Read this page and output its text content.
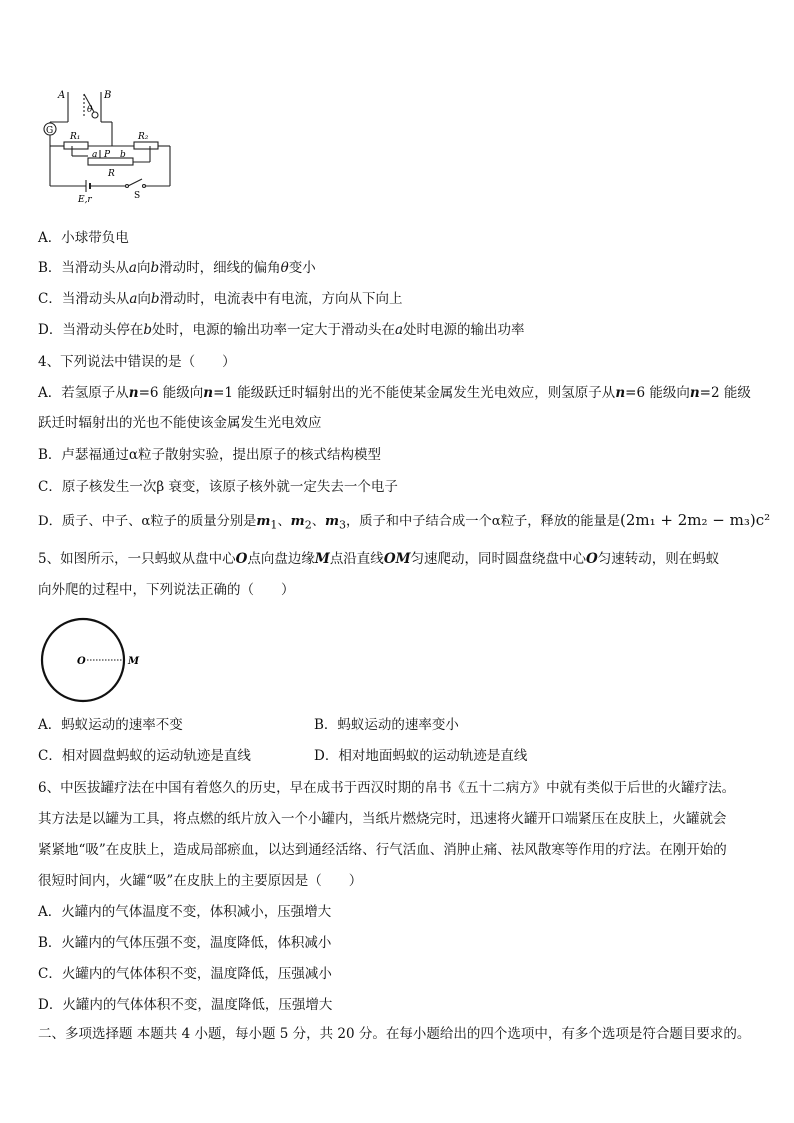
A	B
θ
G
R₁	R₂
a P b
R
E,r	S
A．小球带负电
B．当滑动头从a向b滑动时，细线的偏角θ变小
C．当滑动头从a向b滑动时，电流表中有电流，方向从下向上
D．当滑动头停在b处时，电源的输出功率一定大于滑动头在a处时电源的输出功率
4、下列说法中错误的是（　　）
A．若氢原子从n=6 能级向n=1 能级跃迁时辐射出的光不能使某金属发生光电效应，则氢原子从n=6 能级向n=2 能级
跃迁时辐射出的光也不能使该金属发生光电效应
B．卢瑟福通过α粒子散射实验，提出原子的核式结构模型
C．原子核发生一次β 衰变，该原子核外就一定失去一个电子
D．质子、中子、α粒子的质量分别是$m_1$、$m_2$、$m_3$，质子和中子结合成一个α粒子，释放的能量是(2m₁ + 2m₂ − m₃)c²
5、如图所示，一只蚂蚁从盘中心O点向盘边缘M点沿直线OM匀速爬动，同时圆盘绕盘中心O匀速转动，则在蚂蚁
向外爬的过程中，下列说法正确的（　　）
O	M
A．蚂蚁运动的速率不变	B．蚂蚁运动的速率变小
C．相对圆盘蚂蚁的运动轨迹是直线	D．相对地面蚂蚁的运动轨迹是直线
6、中医拔罐疗法在中国有着悠久的历史，早在成书于西汉时期的帛书《五十二病方》中就有类似于后世的火罐疗法。
其方法是以罐为工具，将点燃的纸片放入一个小罐内，当纸片燃烧完时，迅速将火罐开口端紧压在皮肤上，火罐就会
紧紧地“吸”在皮肤上，造成局部瘀血，以达到通经活络、行气活血、消肿止痛、祛风散寒等作用的疗法。在刚开始的
很短时间内，火罐“吸”在皮肤上的主要原因是（　　）
A．火罐内的气体温度不变，体积减小，压强增大
B．火罐内的气体压强不变，温度降低，体积减小
C．火罐内的气体体积不变，温度降低，压强减小
D．火罐内的气体体积不变，温度降低，压强增大
二、多项选择题 本题共 4 小题，每小题 5 分，共 20 分。在每小题给出的四个选项中，有多个选项是符合题目要求的。
